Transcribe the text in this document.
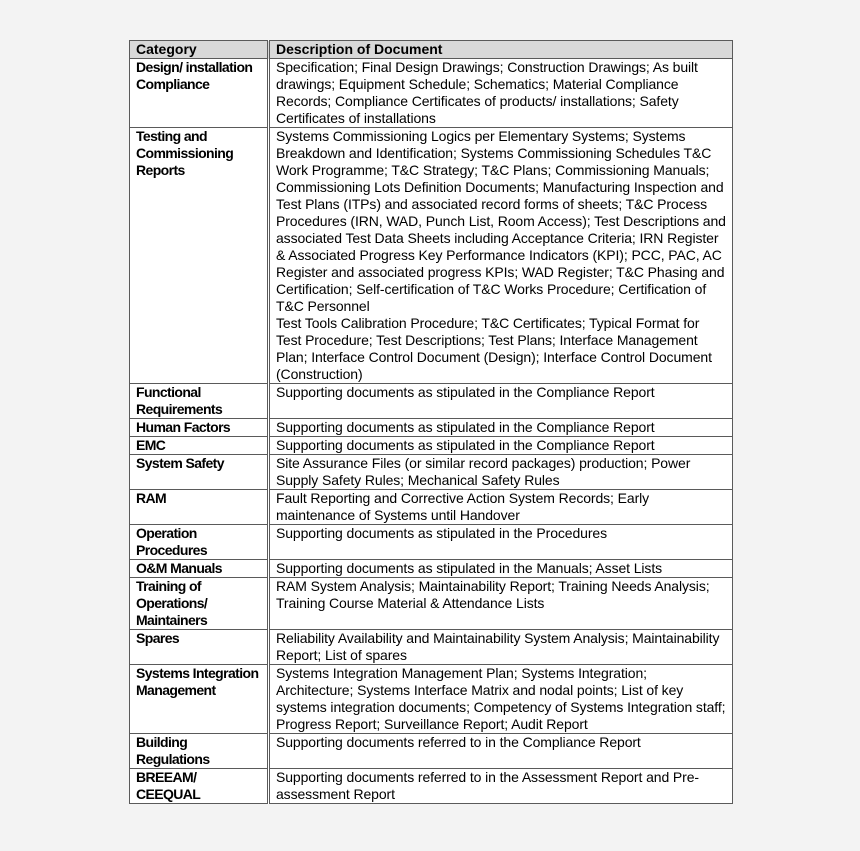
Category	Description of Document
Design/ installation Compliance	Specification; Final Design Drawings; Construction Drawings; As built drawings; Equipment Schedule; Schematics; Material Compliance Records; Compliance Certificates of products/ installations; Safety Certificates of installations

Testing and Commissioning Reports	Systems Commissioning Logics per Elementary Systems; Systems Breakdown and Identification; Systems Commissioning Schedules T&C Work Programme; T&C Strategy; T&C Plans; Commissioning Manuals; Commissioning Lots Definition Documents; Manufacturing Inspection and Test Plans (ITPs) and associated record forms of sheets; T&C Process Procedures (IRN, WAD, Punch List, Room Access); Test Descriptions and associated Test Data Sheets including Acceptance Criteria; IRN Register & Associated Progress Key Performance Indicators (KPI); PCC, PAC, AC Register and associated progress KPIs; WAD Register; T&C Phasing and Certification; Self-certification of T&C Works Procedure; Certification of T&C Personnel
Test Tools Calibration Procedure; T&C Certificates; Typical Format for Test Procedure; Test Descriptions; Test Plans; Interface Management Plan; Interface Control Document (Design); Interface Control Document (Construction)

Functional Requirements	Supporting documents as stipulated in the Compliance Report

Human Factors	Supporting documents as stipulated in the Compliance Report

EMC	Supporting documents as stipulated in the Compliance Report

System Safety	Site Assurance Files (or similar record packages) production; Power Supply Safety Rules; Mechanical Safety Rules

RAM	Fault Reporting and Corrective Action System Records; Early maintenance of Systems until Handover

Operation Procedures	Supporting documents as stipulated in the Procedures

O&M Manuals	Supporting documents as stipulated in the Manuals; Asset Lists

Training of Operations/ Maintainers	RAM System Analysis; Maintainability Report; Training Needs Analysis; Training Course Material & Attendance Lists

Spares	Reliability Availability and Maintainability System Analysis; Maintainability Report; List of spares

Systems Integration Management	Systems Integration Management Plan; Systems Integration; Architecture; Systems Interface Matrix and nodal points; List of key systems integration documents; Competency of Systems Integration staff; Progress Report; Surveillance Report; Audit Report

Building Regulations	Supporting documents referred to in the Compliance Report

BREEAM/ CEEQUAL	Supporting documents referred to in the Assessment Report and Pre-assessment Report
